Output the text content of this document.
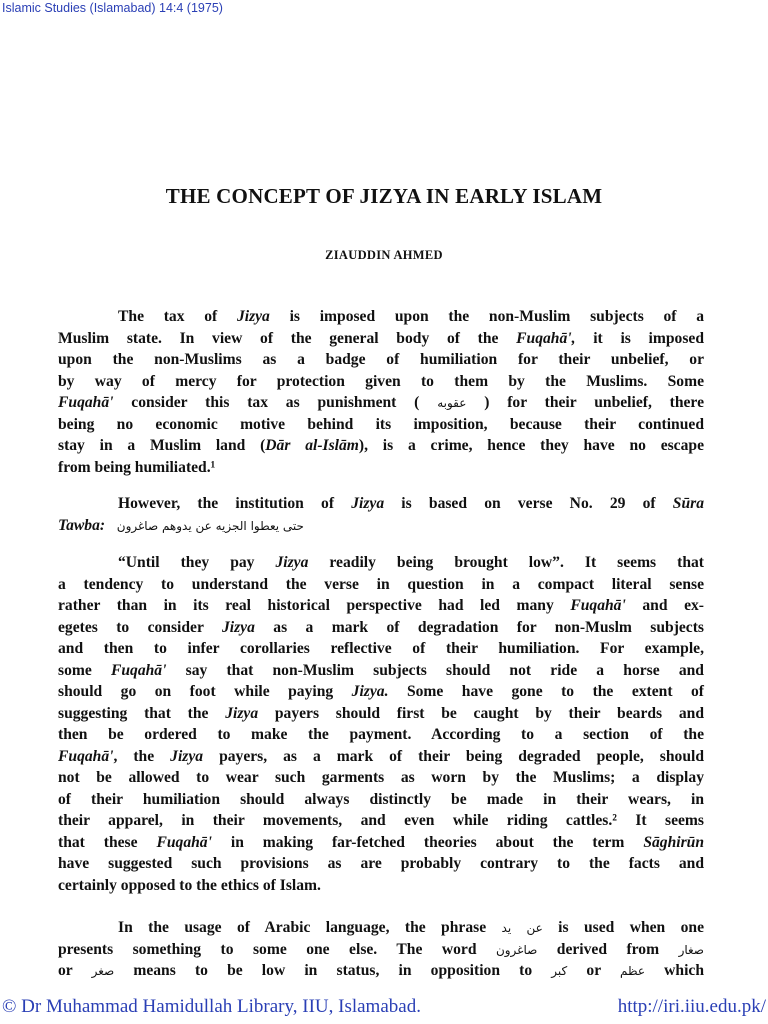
Islamic Studies (Islamabad) 14:4 (1975)
THE CONCEPT OF JIZYA IN EARLY ISLAM
ZIAUDDIN AHMED
The tax of Jizya is imposed upon the non-Muslim subjects of a
Muslim state. In view of the general body of the Fuqahā', it is imposed
upon the non-Muslims as a badge of humiliation for their unbelief, or
by way of mercy for protection given to them by the Muslims. Some
Fuqahā' consider this tax as punishment ( عقوبه ) for their unbelief, there
being no economic motive behind its imposition, because their continued
stay in a Muslim land (Dār al-Islām), is a crime, hence they have no escape
from being humiliated.¹
However, the institution of Jizya is based on verse No. 29 of Sūra
Tawba: حتى يعطوا الجزيه عن يدوهم صاغرون
“Until they pay Jizya readily being brought low”. It seems that
a tendency to understand the verse in question in a compact literal sense
rather than in its real historical perspective had led many Fuqahā' and ex-
egetes to consider Jizya as a mark of degradation for non-Muslm subjects
and then to infer corollaries reflective of their humiliation. For example,
some Fuqahā' say that non-Muslim subjects should not ride a horse and
should go on foot while paying Jizya. Some have gone to the extent of
suggesting that the Jizya payers should first be caught by their beards and
then be ordered to make the payment. According to a section of the
Fuqahā', the Jizya payers, as a mark of their being degraded people, should
not be allowed to wear such garments as worn by the Muslims; a display
of their humiliation should always distinctly be made in their wears, in
their apparel, in their movements, and even while riding cattles.² It seems
that these Fuqahā' in making far-fetched theories about the term Sāghirūn
have suggested such provisions as are probably contrary to the facts and
certainly opposed to the ethics of Islam.
In the usage of Arabic language, the phrase عن يد is used when one
presents something to some one else. The word صاغرون derived from صغار
or صغر means to be low in status, in opposition to كبر or عظم which
© Dr Muhammad Hamidullah Library, IIU, Islamabad.	http://iri.iiu.edu.pk/
